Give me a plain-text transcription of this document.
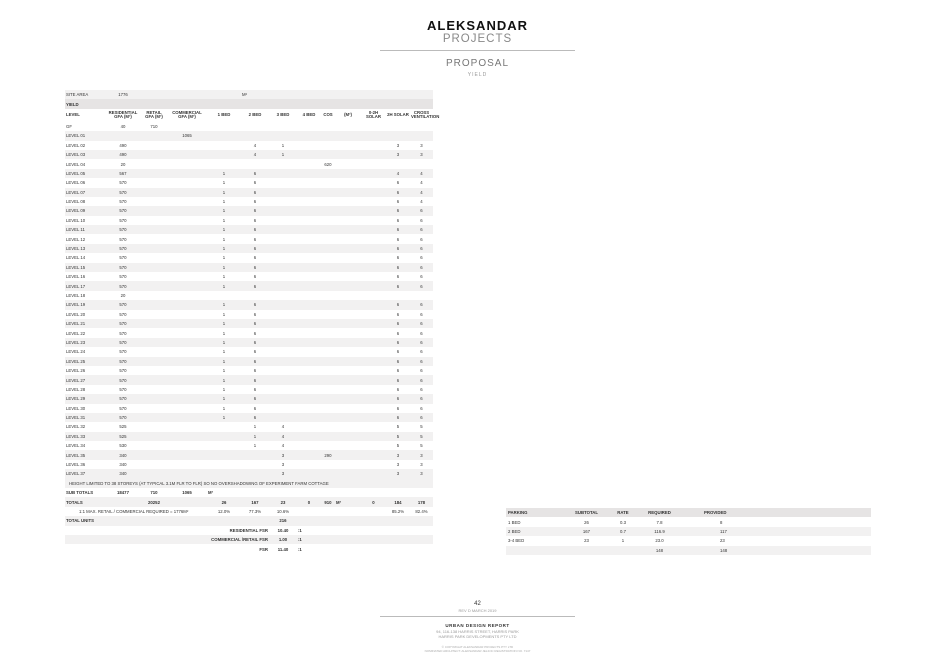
ALEKSANDAR
PROJECTS
PROPOSAL
YIELD
SITE AREA	1776				M²							
YIELD												
LEVEL	RESIDENTIAL GFA (M²)	RETAIL GFA (M²)	COMMERCIAL GFA (M²)	1 BED	2 BED	3 BED	4 BED	COS	(M²)	0-2H SOLAR	2H SOLAR	CROSS VENTILATION
GF	40	710										
LEVEL 01			1065									
LEVEL 02	490				4	1					3	3
LEVEL 03	490				4	1					3	3
LEVEL 04	20							620				
LEVEL 05	567			1	6						4	4
LEVEL 06	570			1	6						6	4
LEVEL 07	570			1	6						6	4
LEVEL 08	570			1	6						6	4
LEVEL 09	570			1	6						6	6
LEVEL 10	570			1	6						6	6
LEVEL 11	570			1	6						6	6
LEVEL 12	570			1	6						6	6
LEVEL 13	570			1	6						6	6
LEVEL 14	570			1	6						6	6
LEVEL 15	570			1	6						6	6
LEVEL 16	570			1	6						6	6
LEVEL 17	570			1	6						6	6
LEVEL 18	20											
LEVEL 19	570			1	6						6	6
LEVEL 20	570			1	6						6	6
LEVEL 21	570			1	6						6	6
LEVEL 22	570			1	6						6	6
LEVEL 23	570			1	6						6	6
LEVEL 24	570			1	6						6	6
LEVEL 25	570			1	6						6	6
LEVEL 26	570			1	6						6	6
LEVEL 27	570			1	6						6	6
LEVEL 28	570			1	6						6	6
LEVEL 29	570			1	6						6	6
LEVEL 30	570			1	6						6	6
LEVEL 31	570			1	6						6	6
LEVEL 32	525				1	4					5	5
LEVEL 33	525				1	4					5	5
LEVEL 34	530				1	4					5	5
LEVEL 35	340					3		290			3	3
LEVEL 36	340					3					3	3
LEVEL 37	340					3					3	3
HEIGHT LIMITED TO 38 STOREYS (AT TYPICAL 3.1M FLR TO FLR) SO NO OVERSHADOWING OF EXPERIMENT FARM COTTAGE												
SUB TOTALS	18477	710	1065	M²								
TOTALS		20252		26	167	23	0	910	M²	0	184	178
1:1 MAX. RETAIL / COMMERCIAL REQUIRED = 1776M²				12.0%	77.3%	10.6%					85.2%	82.4%
TOTAL UNITS						216						
RESIDENTIAL FSR						10.40	:1					
COMMERCIAL /RETAIL FSR						1.00	:1					
FSR						11.40	:1					
PARKING	SUBTOTAL	RATE	REQUIRED	PROVIDED
1 BED	26	0.3	7.8	8
2 BED	167	0.7	116.9	117
3-4 BED	23	1	23.0	23
			148	148
42
REV D MARCH 2019
URBAN DESIGN REPORT
94, 116-138 HARRIS STREET, HARRIS PARK
HARRIS PARK DEVELOPMENTS PTY LTD
© COPYRIGHT ALEKSANDAR PROJECTS PTY LTD
NOMINATED ARCHITECT: ALEKSANDAR JELICIC REGISTRATION NO. 7147
